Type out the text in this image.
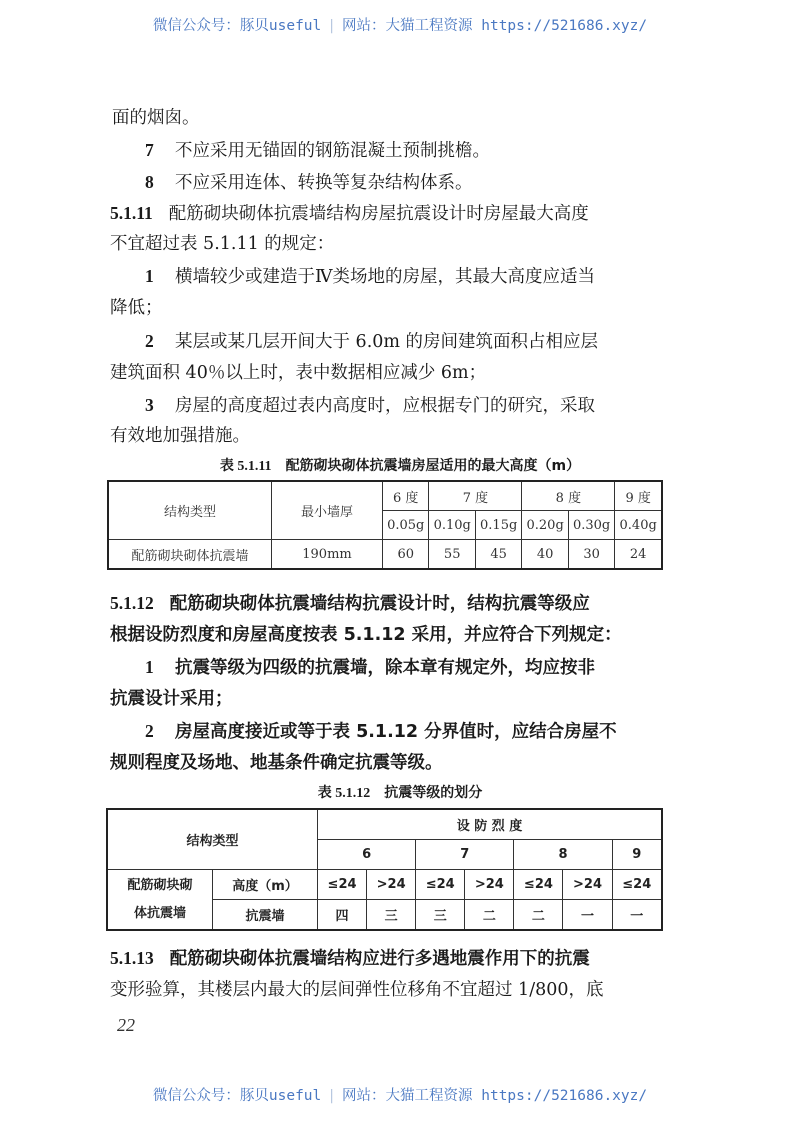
微信公众号：豚贝useful | 网站：大猫工程资源 https://521686.xyz/
面的烟囱。
7 不应采用无锚固的钢筋混凝土预制挑檐。
8 不应采用连体、转换等复杂结构体系。
5.1.11 配筋砌块砌体抗震墙结构房屋抗震设计时房屋最大高度
不宜超过表 5.1.11 的规定：
1 横墙较少或建造于Ⅳ类场地的房屋，其最大高度应适当
降低；
2 某层或某几层开间大于 6.0m 的房间建筑面积占相应层
建筑面积 40％以上时，表中数据相应减少 6m；
3 房屋的高度超过表内高度时，应根据专门的研究，采取
有效地加强措施。
表 5.1.11 配筋砌块砌体抗震墙房屋适用的最大高度（m）
结构类型	最小墙厚	6 度	7 度		8 度		9 度
		0.05g	0.10g	0.15g	0.20g	0.30g	0.40g
配筋砌块砌体抗震墙	190mm	60	55	45	40	30	24
5.1.12 配筋砌块砌体抗震墙结构抗震设计时，结构抗震等级应
根据设防烈度和房屋高度按表 5.1.12 采用，并应符合下列规定：
1 抗震等级为四级的抗震墙，除本章有规定外，均应按非
抗震设计采用；
2 房屋高度接近或等于表 5.1.12 分界值时，应结合房屋不
规则程度及场地、地基条件确定抗震等级。
表 5.1.12 抗震等级的划分
结构类型		设 防 烈 度						
		6		7		8		9

配筋砌块砌
体抗震墙	高度（m）	≤24	>24	≤24	>24	≤24	>24	≤24
	抗震墙	四	三	三	二	二	一	一
5.1.13 配筋砌块砌体抗震墙结构应进行多遇地震作用下的抗震
变形验算，其楼层内最大的层间弹性位移角不宜超过 1/800，底
22
微信公众号：豚贝useful | 网站：大猫工程资源 https://521686.xyz/
